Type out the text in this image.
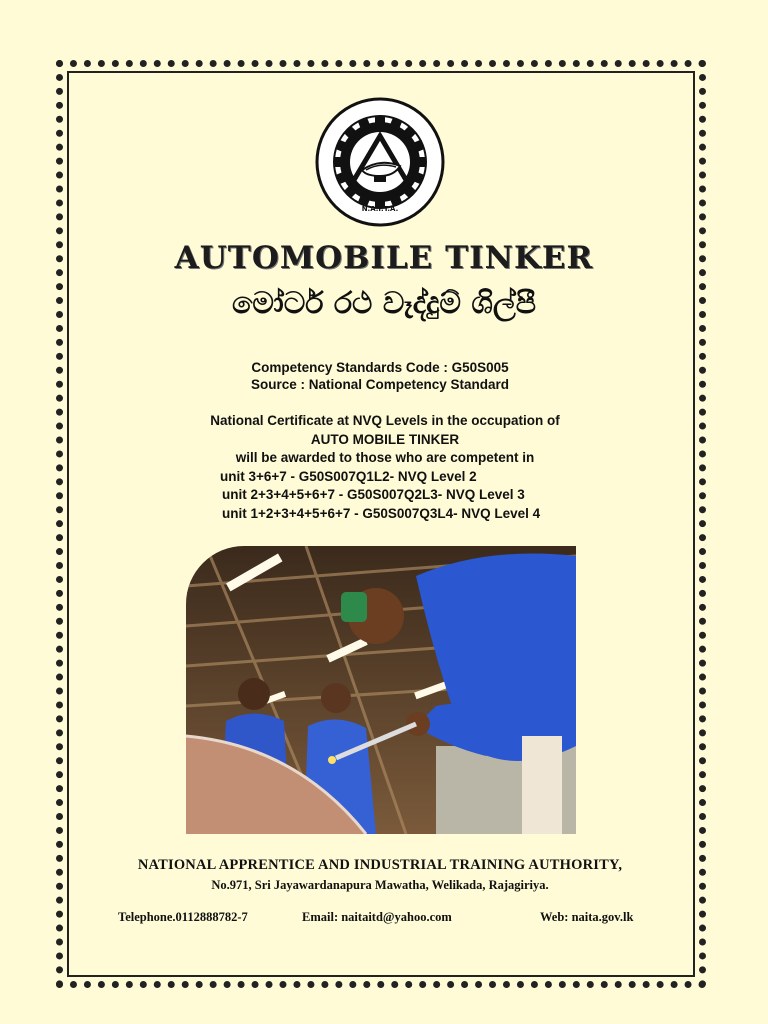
N.A.I.T.A.
AUTOMOBILE TINKER
මෝටර් රථ වෑද්දුම් ශිල්පී
Competency Standards Code : G50S005
Source : National Competency Standard
National Certificate at NVQ Levels in the occupation of
AUTO MOBILE TINKER
will be awarded to those who are competent in
unit 3+6+7 - G50S007Q1L2- NVQ Level 2
unit 2+3+4+5+6+7 - G50S007Q2L3- NVQ Level 3
unit 1+2+3+4+5+6+7 - G50S007Q3L4- NVQ Level 4
NATIONAL APPRENTICE AND INDUSTRIAL TRAINING AUTHORITY,
No.971, Sri Jayawardanapura Mawatha, Welikada, Rajagiriya.
Telephone.0112888782-7	Email: naitaitd@yahoo.com	Web: naita.gov.lk
